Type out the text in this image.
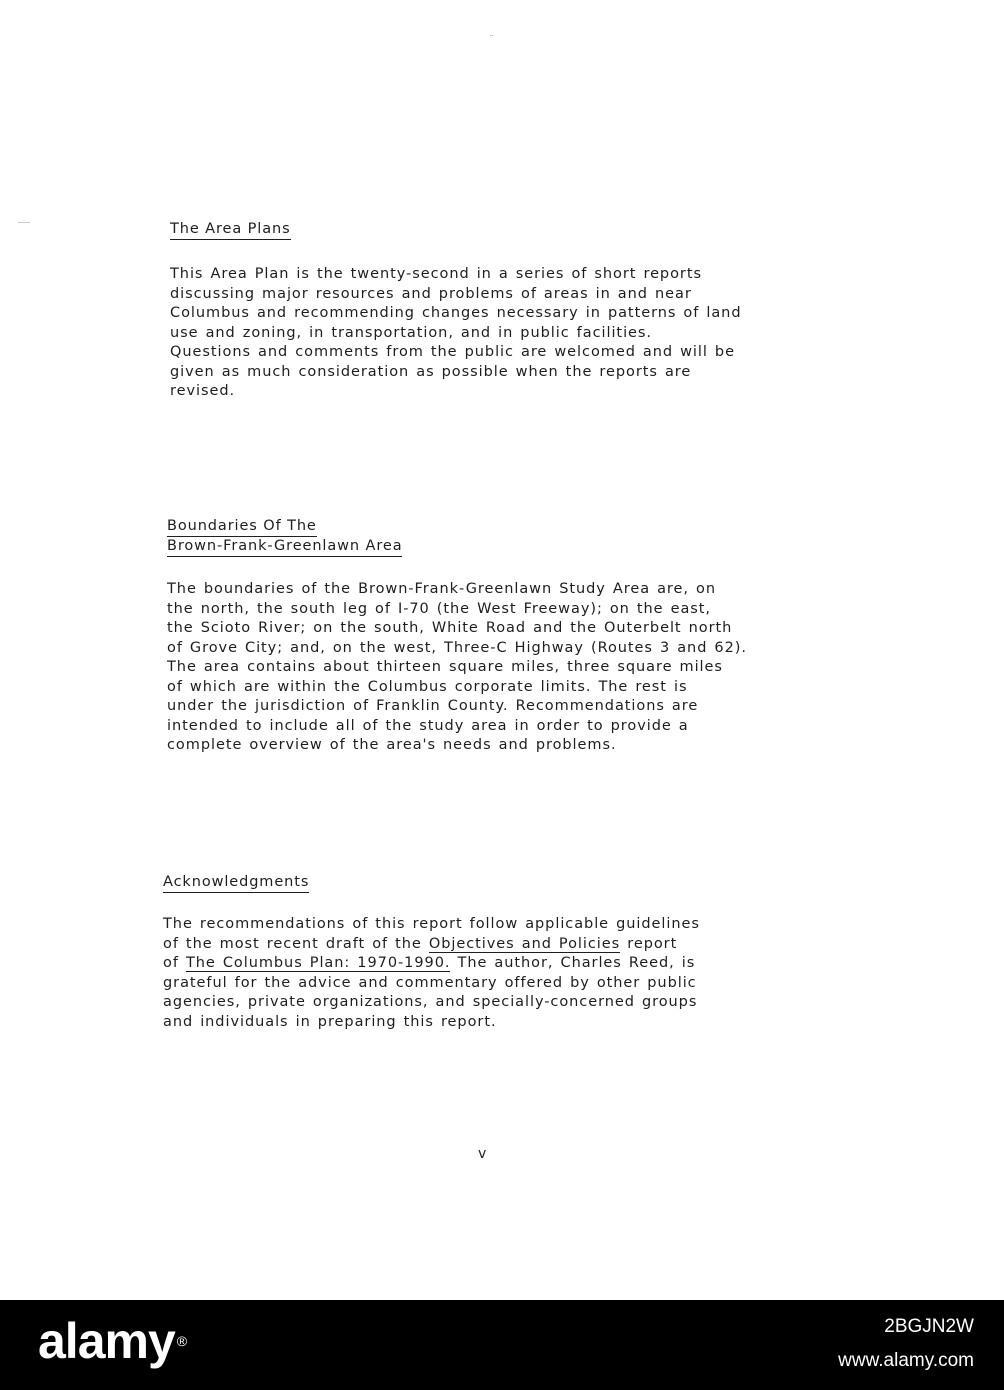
The Area Plans
This Area Plan is the twenty-second in a series of short reports
discussing major resources and problems of areas in and near
Columbus and recommending changes necessary in patterns of land
use and zoning, in transportation, and in public facilities.
Questions and comments from the public are welcomed and will be
given as much consideration as possible when the reports are
revised.
Boundaries Of The
Brown-Frank-Greenlawn Area
The boundaries of the Brown-Frank-Greenlawn Study Area are, on
the north, the south leg of I-70 (the West Freeway); on the east,
the Scioto River; on the south, White Road and the Outerbelt north
of Grove City; and, on the west, Three-C Highway (Routes 3 and 62).
The area contains about thirteen square miles, three square miles
of which are within the Columbus corporate limits. The rest is
under the jurisdiction of Franklin County. Recommendations are
intended to include all of the study area in order to provide a
complete overview of the area's needs and problems.
Acknowledgments
The recommendations of this report follow applicable guidelines
of the most recent draft of the Objectives and Policies report
of The Columbus Plan: 1970-1990. The author, Charles Reed, is
grateful for the advice and commentary offered by other public
agencies, private organizations, and specially-concerned groups
and individuals in preparing this report.
v
alamy ®
2BGJN2W
www.alamy.com
